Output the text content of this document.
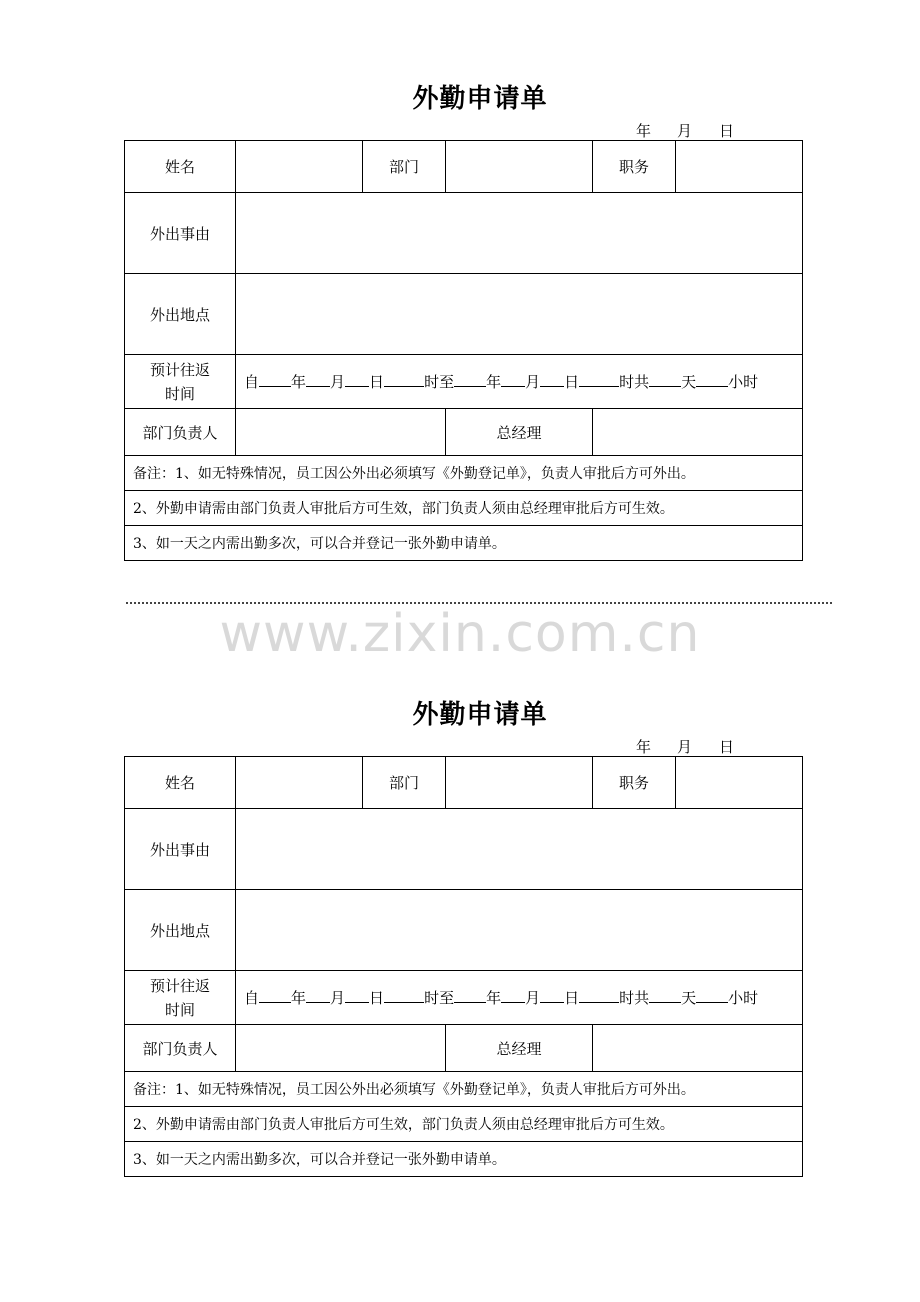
外勤申请单
年 月 日
姓名		部门		职务	
外出事由					
外出地点					

预计往返
时间	自 年 月 日 时至 年 月 日 时共 天 小时				
部门负责人			总经理		
备注：1、如无特殊情况，员工因公外出必须填写《外勤登记单》，负责人审批后方可外出。					
2、外勤申请需由部门负责人审批后方可生效，部门负责人须由总经理审批后方可生效。					
3、如一天之内需出勤多次，可以合并登记一张外勤申请单。					
www.zixin.com.cn
外勤申请单
年 月 日
姓名		部门		职务	
外出事由					
外出地点					

预计往返
时间	自 年 月 日 时至 年 月 日 时共 天 小时				
部门负责人			总经理		
备注：1、如无特殊情况，员工因公外出必须填写《外勤登记单》，负责人审批后方可外出。					
2、外勤申请需由部门负责人审批后方可生效，部门负责人须由总经理审批后方可生效。					
3、如一天之内需出勤多次，可以合并登记一张外勤申请单。					
